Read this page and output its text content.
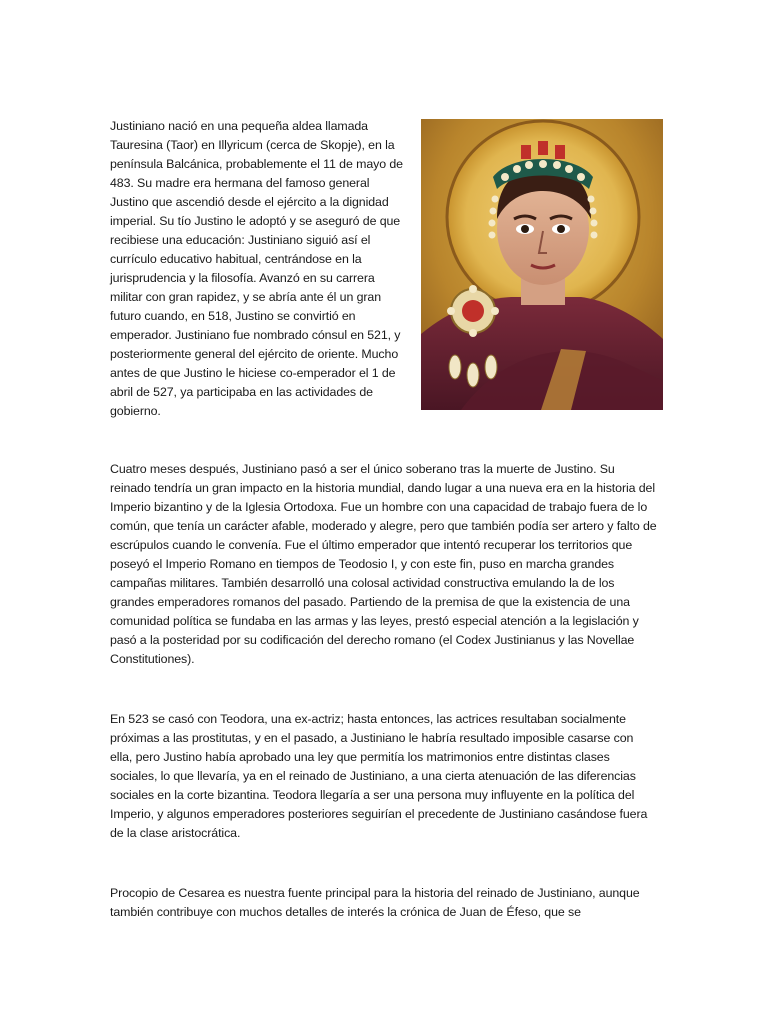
Justiniano nació en una pequeña aldea llamada Tauresina (Taor) en Illyricum (cerca de Skopje), en la península Balcánica, probablemente el 11 de mayo de 483. Su madre era hermana del famoso general Justino que ascendió desde el ejército a la dignidad imperial. Su tío Justino le adoptó y se aseguró de que recibiese una educación: Justiniano siguió así el currículo educativo habitual, centrándose en la jurisprudencia y la filosofía. Avanzó en su carrera militar con gran rapidez, y se abría ante él un gran futuro cuando, en 518, Justino se convirtió en emperador. Justiniano fue nombrado cónsul en 521, y posteriormente general del ejército de oriente. Mucho antes de que Justino le hiciese co-emperador el 1 de abril de 527, ya participaba en las actividades de gobierno.

Cuatro meses después, Justiniano pasó a ser el único soberano tras la muerte de Justino. Su reinado tendría un gran impacto en la historia mundial, dando lugar a una nueva era en la historia del Imperio bizantino y de la Iglesia Ortodoxa. Fue un hombre con una capacidad de trabajo fuera de lo común, que tenía un carácter afable, moderado y alegre, pero que también podía ser artero y falto de escrúpulos cuando le convenía. Fue el último emperador que intentó recuperar los territorios que poseyó el Imperio Romano en tiempos de Teodosio I, y con este fin, puso en marcha grandes campañas militares. También desarrolló una colosal actividad constructiva emulando la de los grandes emperadores romanos del pasado. Partiendo de la premisa de que la existencia de una comunidad política se fundaba en las armas y las leyes, prestó especial atención a la legislación y pasó a la posteridad por su codificación del derecho romano (el Codex Justinianus y las Novellae Constitutiones).

En 523 se casó con Teodora, una ex-actriz; hasta entonces, las actrices resultaban socialmente próximas a las prostitutas, y en el pasado, a Justiniano le habría resultado imposible casarse con ella, pero Justino había aprobado una ley que permitía los matrimonios entre distintas clases sociales, lo que llevaría, ya en el reinado de Justiniano, a una cierta atenuación de las diferencias sociales en la corte bizantina. Teodora llegaría a ser una persona muy influyente en la política del Imperio, y algunos emperadores posteriores seguirían el precedente de Justiniano casándose fuera de la clase aristocrática.

Procopio de Cesarea es nuestra fuente principal para la historia del reinado de Justiniano, aunque también contribuye con muchos detalles de interés la crónica de Juan de Éfeso, que se
